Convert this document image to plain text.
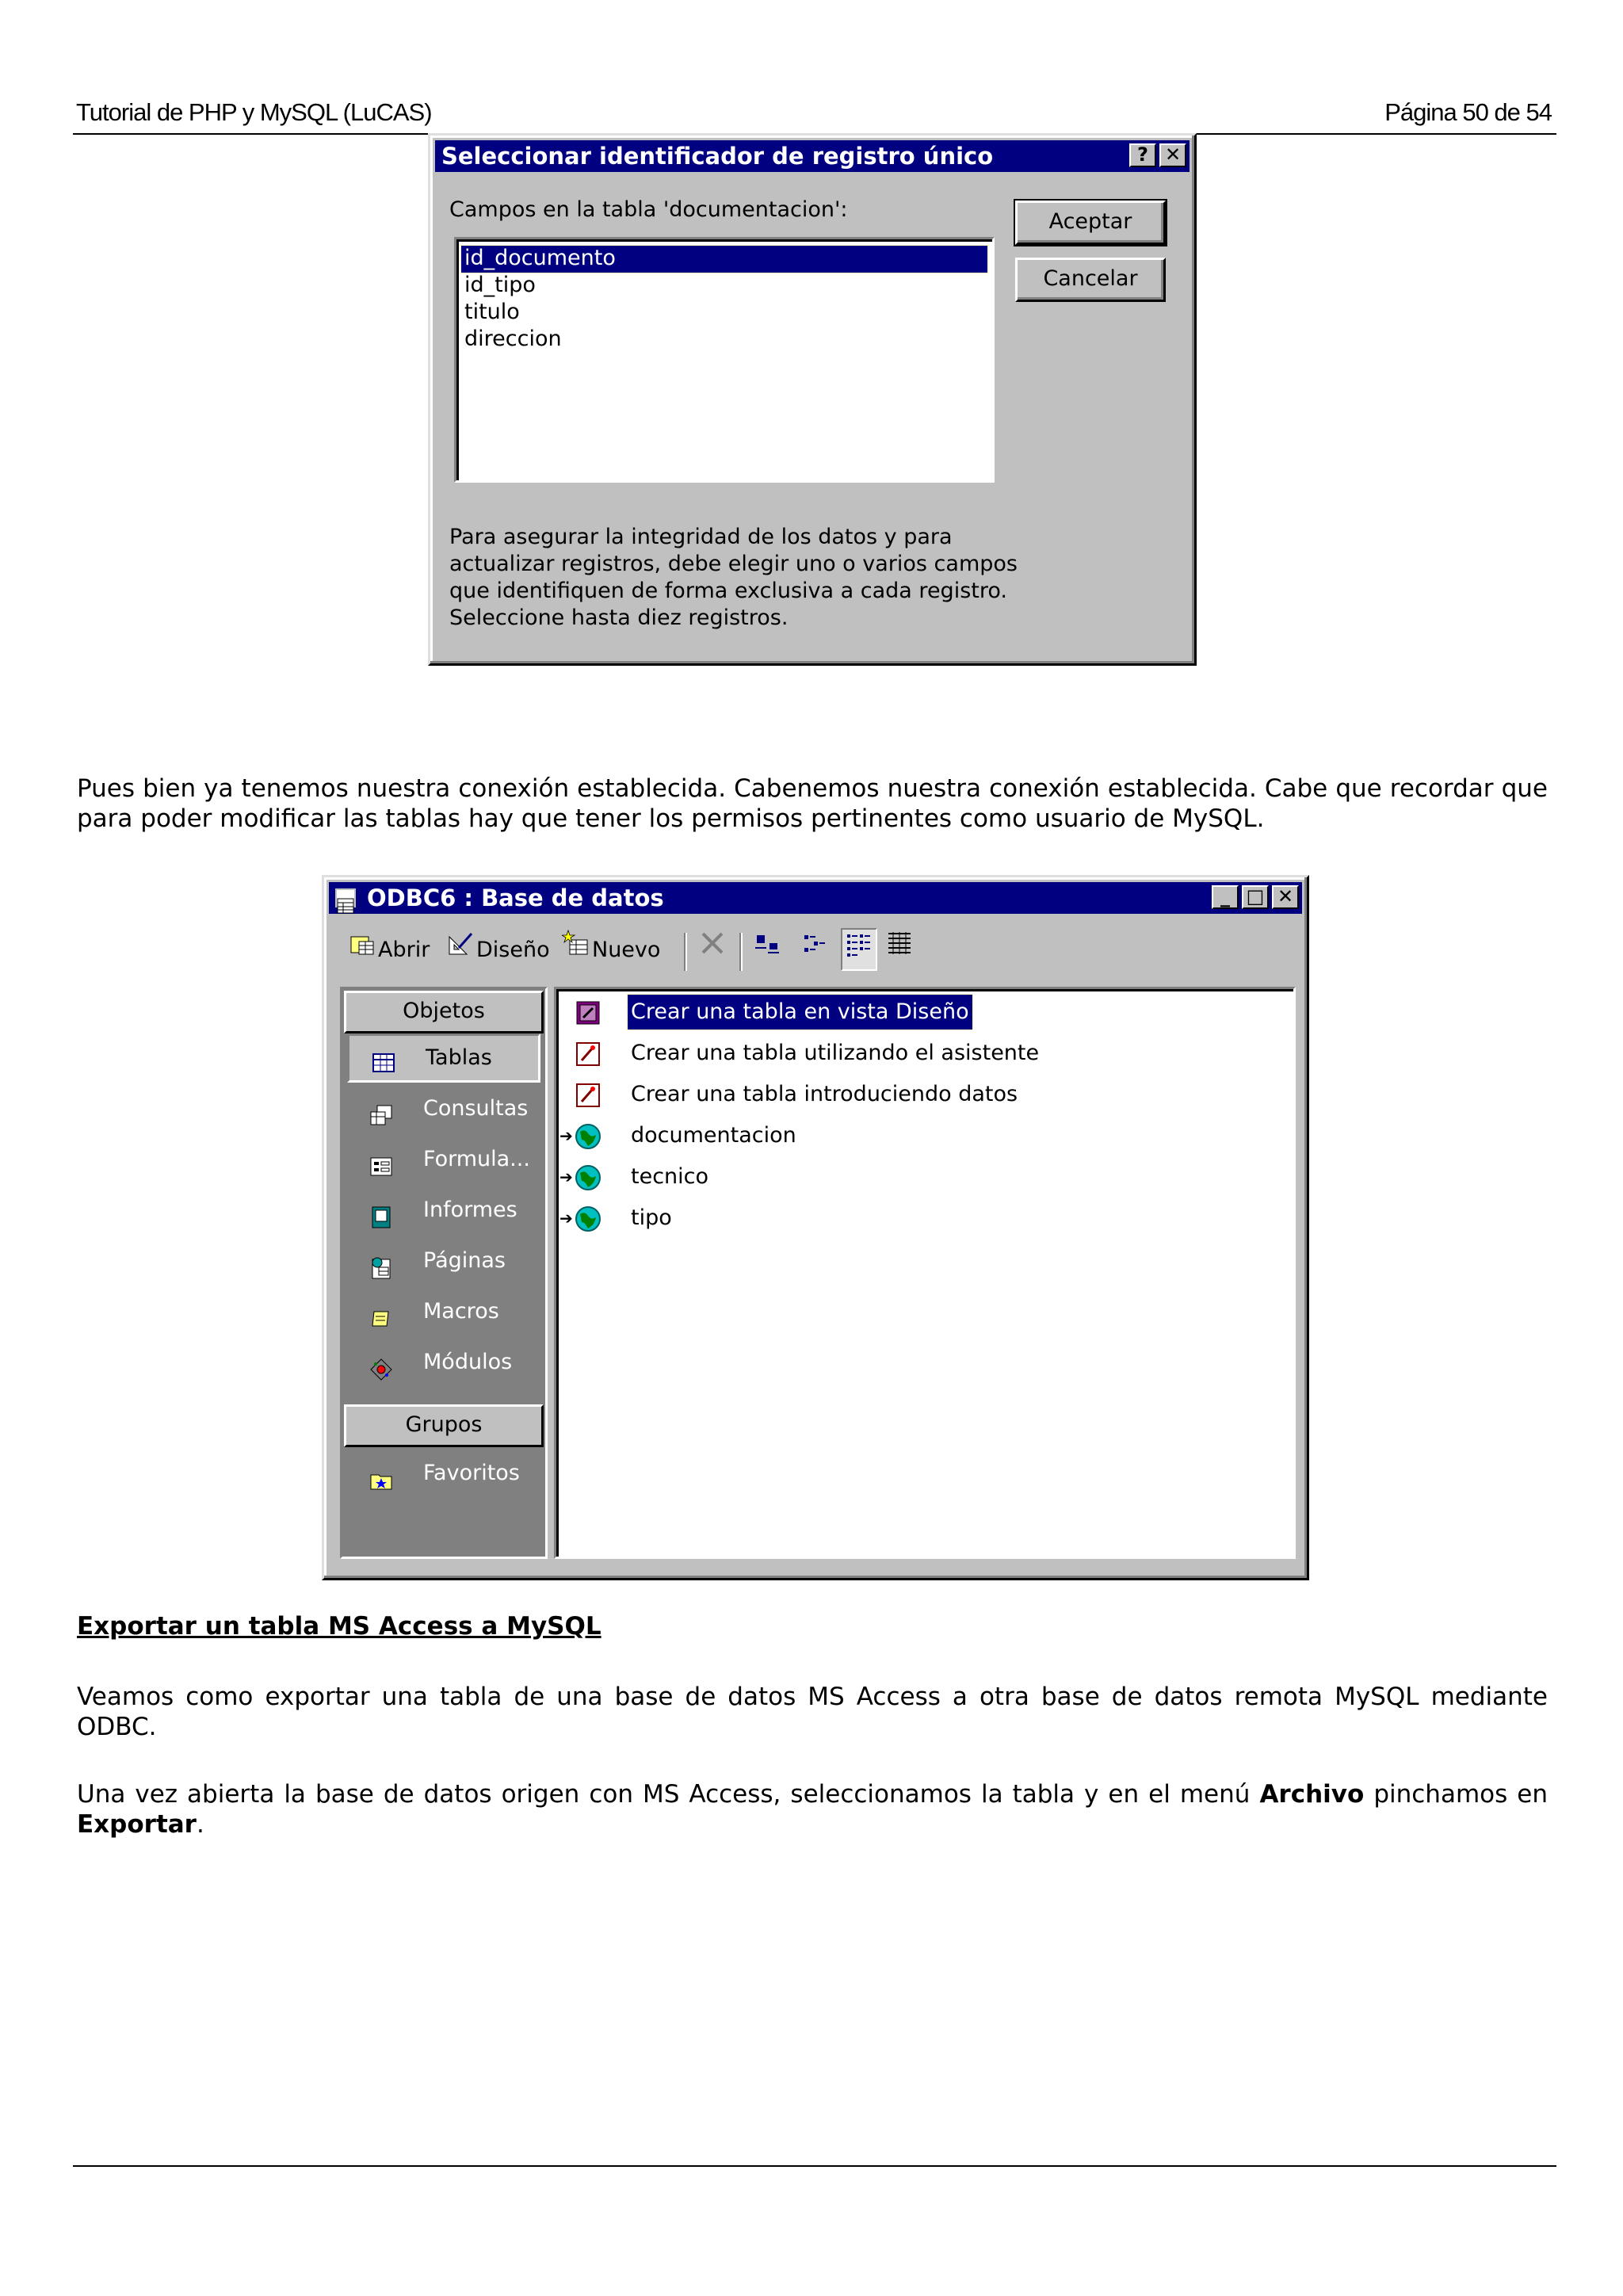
Tutorial de PHP y MySQL (LuCAS)	Página 50 de 54
Seleccionar identificador de registro único	? ✕
Campos en la tabla 'documentacion':
id_documento
id_tipo
titulo
direccion
Aceptar
Cancelar
Para asegurar la integridad de los datos y para
actualizar registros, debe elegir uno o varios campos
que identifiquen de forma exclusiva a cada registro.
Seleccione hasta diez registros.
Pues bien ya tenemos nuestra conexión establecida. Cabenemos nuestra conexión establecida. Cabe que recordar que
para poder modificar las tablas hay que tener los permisos pertinentes como usuario de MySQL.
ODBC6 : Base de datos	_ □ ✕
Abrir	Diseño	Nuevo
Objetos
Tablas
Consultas
Formula...
Informes
Páginas
Macros
Módulos
Grupos
Favoritos
Crear una tabla en vista Diseño
Crear una tabla utilizando el asistente
Crear una tabla introduciendo datos
➔	documentacion
➔	tecnico
➔	tipo
Exportar un tabla MS Access a MySQL
Veamos como exportar una tabla de una base de datos MS Access a otra base de datos remota MySQL mediante
ODBC.
Una vez abierta la base de datos origen con MS Access, seleccionamos la tabla y en el menú Archivo pinchamos en
Exportar.
